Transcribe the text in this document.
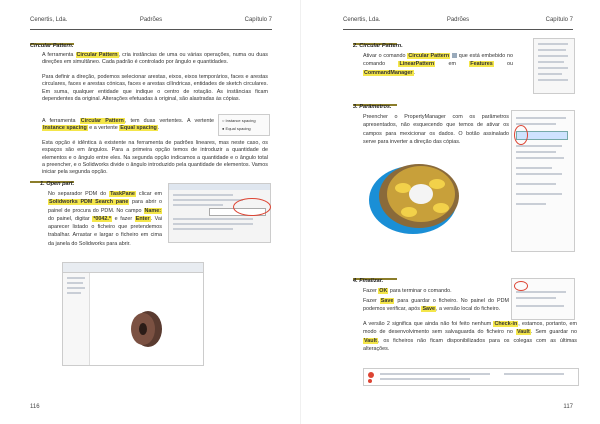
Cenertis, Lda.	Padrões	Capítulo 7
Circular Pattern.
A ferramenta Circular Pattern, cria instâncias de uma ou várias operações, numa ou duas direções em simultâneo. Cada padrão é controlado por ângulo e quantidades.
Para definir a direção, podemos selecionar arestas, eixos, eixos temporários, faces e arestas circulares, faces e arestas cónicas, faces e arestas cilíndricas, entidades de sketch circulares. Em suma, qualquer entidade que indique o centro de rotação. As instâncias ficam dependentes da original. Alterações efetuadas à original, são alastradas às cópias.
A ferramenta Circular Pattern, tem duas vertentes. A vertente Instance spacing e a vertente Equal spacing.
○ Instance spacing
● Equal spacing
Esta opção é idêntica à existente na ferramenta de padrões lineares, mas neste caso, os espaços são em ângulos. Para a primeira opção temos de introduzir a quantidade de elementos e o ângulo entre eles. Na segunda opção indicamos a quantidade e o ângulo total a preencher, e o Solidworks divide o ângulo introduzido pela quantidade de elementos. Vamos iniciar pela segunda opção.
1. Open part.
No separador PDM do TaskPane clicar em Solidworks PDM Search pane para abrir o painel de procura do PDM. No campo Name: do painel, digitar *0042.* e fazer Enter. Vai aparecer listado o ficheiro que pretendemos trabalhar. Arrastar e largar o ficheiro em cima da janela do Solidworks para abrir.
116
Cenertis, Lda.	Padrões	Capítulo 7
2. Circular Pattern.
Ativar o comando Circular Pattern que está embebido no comando	LinearPattern	em	Features	ou CommandManager.
3. Parâmetros.
Preencher o PropertyManager com os parâmetros apresentados, não esquecendo que temos de ativar os campos para mexicionar os dados. O botão assinalado serve para inverter a direção das cópias.
4. Finalizar.
Fazer OK para terminar o comando.
Fazer Save para guardar o ficheiro. No painel do PDM podemos verificar, após Save, a versão local do ficheiro.
A versão 2 significa que ainda não foi feito nenhum Check-in, estamos, portanto, em modo de desenvolvimento sem salvaguarda do ficheiro no Vault. Sem guardar no Vault, os ficheiros não ficam disponibilizados para os colegas com as últimas alterações.
117
